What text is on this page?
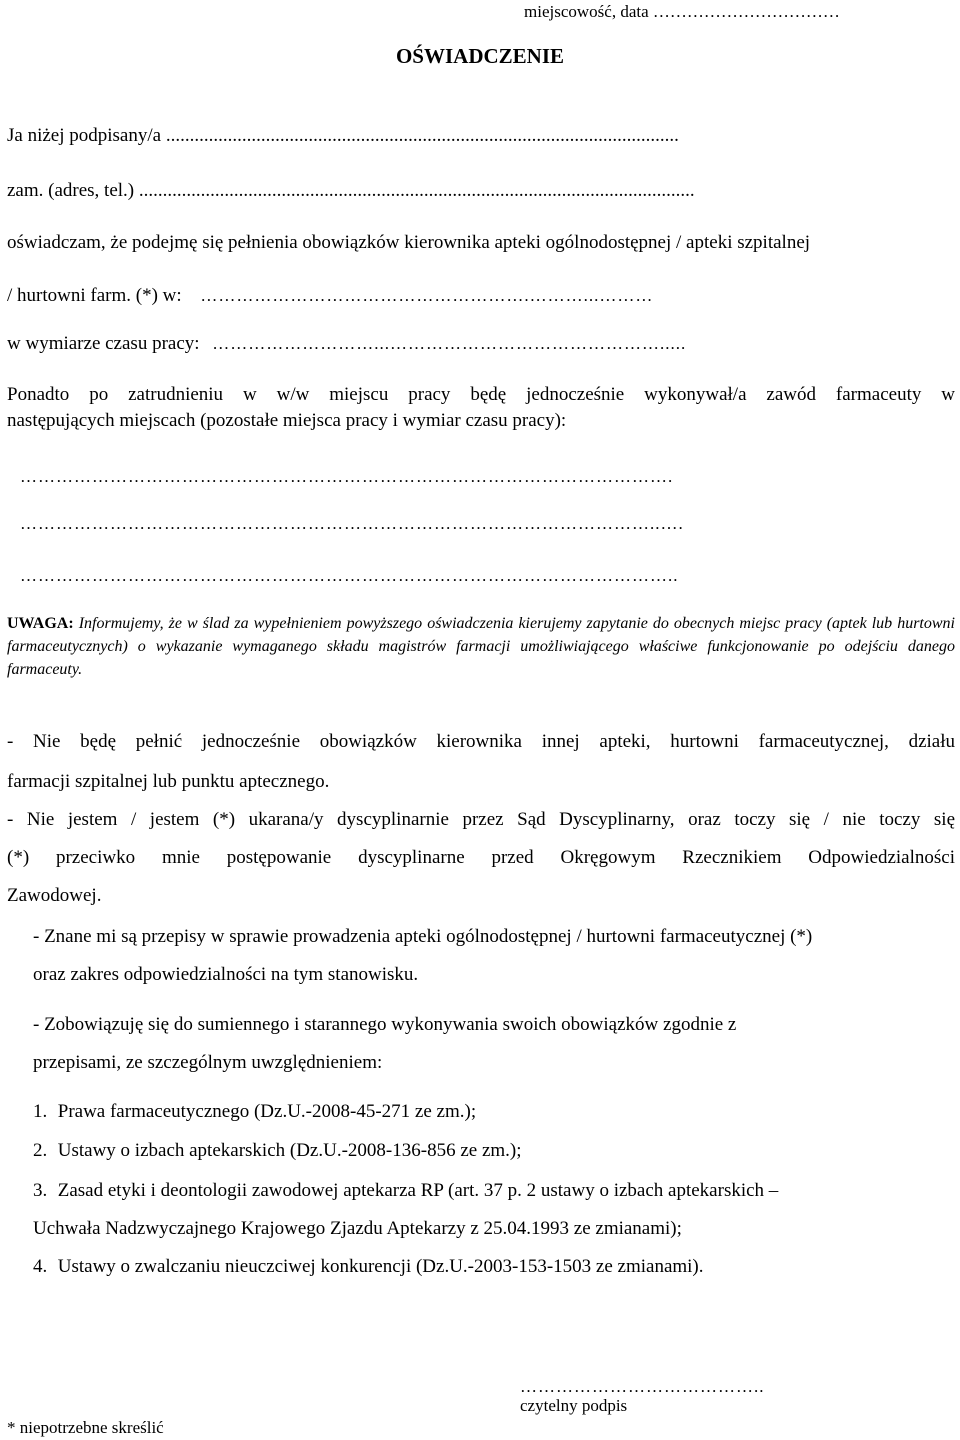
miejscowość, data ……………………………
OŚWIADCZENIE
Ja niżej podpisany/a ............................................................................................................
zam. (adres, tel.) .....................................................................................................................
oświadczam, że podejmę się pełnienia obowiązków kierownika apteki ogólnodostępnej / apteki szpitalnej
/ hurtowni farm. (*) w: ……………………………………………….………...………
w wymiarze czasu pracy: ………………………...……………………………………….....
Ponadto po zatrudnieniu w w/w miejscu pracy będę jednocześnie wykonywał/a zawód farmaceuty w
następujących miejscach (pozostałe miejsca pracy i wymiar czasu pracy):
……………………………………………………………………………………………….
……………………………………………………………………………………………..….
………………………………………………………………………………………………..
UWAGA: Informujemy, że w ślad za wypełnieniem powyższego oświadczenia kierujemy zapytanie do obecnych miejsc pracy (aptek lub hurtowni farmaceutycznych) o wykazanie wymaganego składu magistrów farmacji umożliwiającego właściwe funkcjonowanie po odejściu danego farmaceuty.
- Nie będę pełnić jednocześnie obowiązków kierownika innej apteki, hurtowni farmaceutycznej, działu
farmacji szpitalnej lub punktu aptecznego.
- Nie jestem / jestem (*) ukarana/y dyscyplinarnie przez Sąd Dyscyplinarny, oraz toczy się / nie toczy się
(*) przeciwko mnie postępowanie dyscyplinarne przed Okręgowym Rzecznikiem Odpowiedzialności
Zawodowej.
- Znane mi są przepisy w sprawie prowadzenia apteki ogólnodostępnej / hurtowni farmaceutycznej (*)
oraz zakres odpowiedzialności na tym stanowisku.
- Zobowiązuję się do sumiennego i starannego wykonywania swoich obowiązków zgodnie z
przepisami, ze szczególnym uwzględnieniem:
1. Prawa farmaceutycznego (Dz.U.-2008-45-271 ze zm.);
2. Ustawy o izbach aptekarskich (Dz.U.-2008-136-856 ze zm.);
3. Zasad etyki i deontologii zawodowej aptekarza RP (art. 37 p. 2 ustawy o izbach aptekarskich –
Uchwała Nadzwyczajnego Krajowego Zjazdu Aptekarzy z 25.04.1993 ze zmianami);
4. Ustawy o zwalczaniu nieuczciwej konkurencji (Dz.U.-2003-153-1503 ze zmianami).
…………………………………..
czytelny podpis
* niepotrzebne skreślić
